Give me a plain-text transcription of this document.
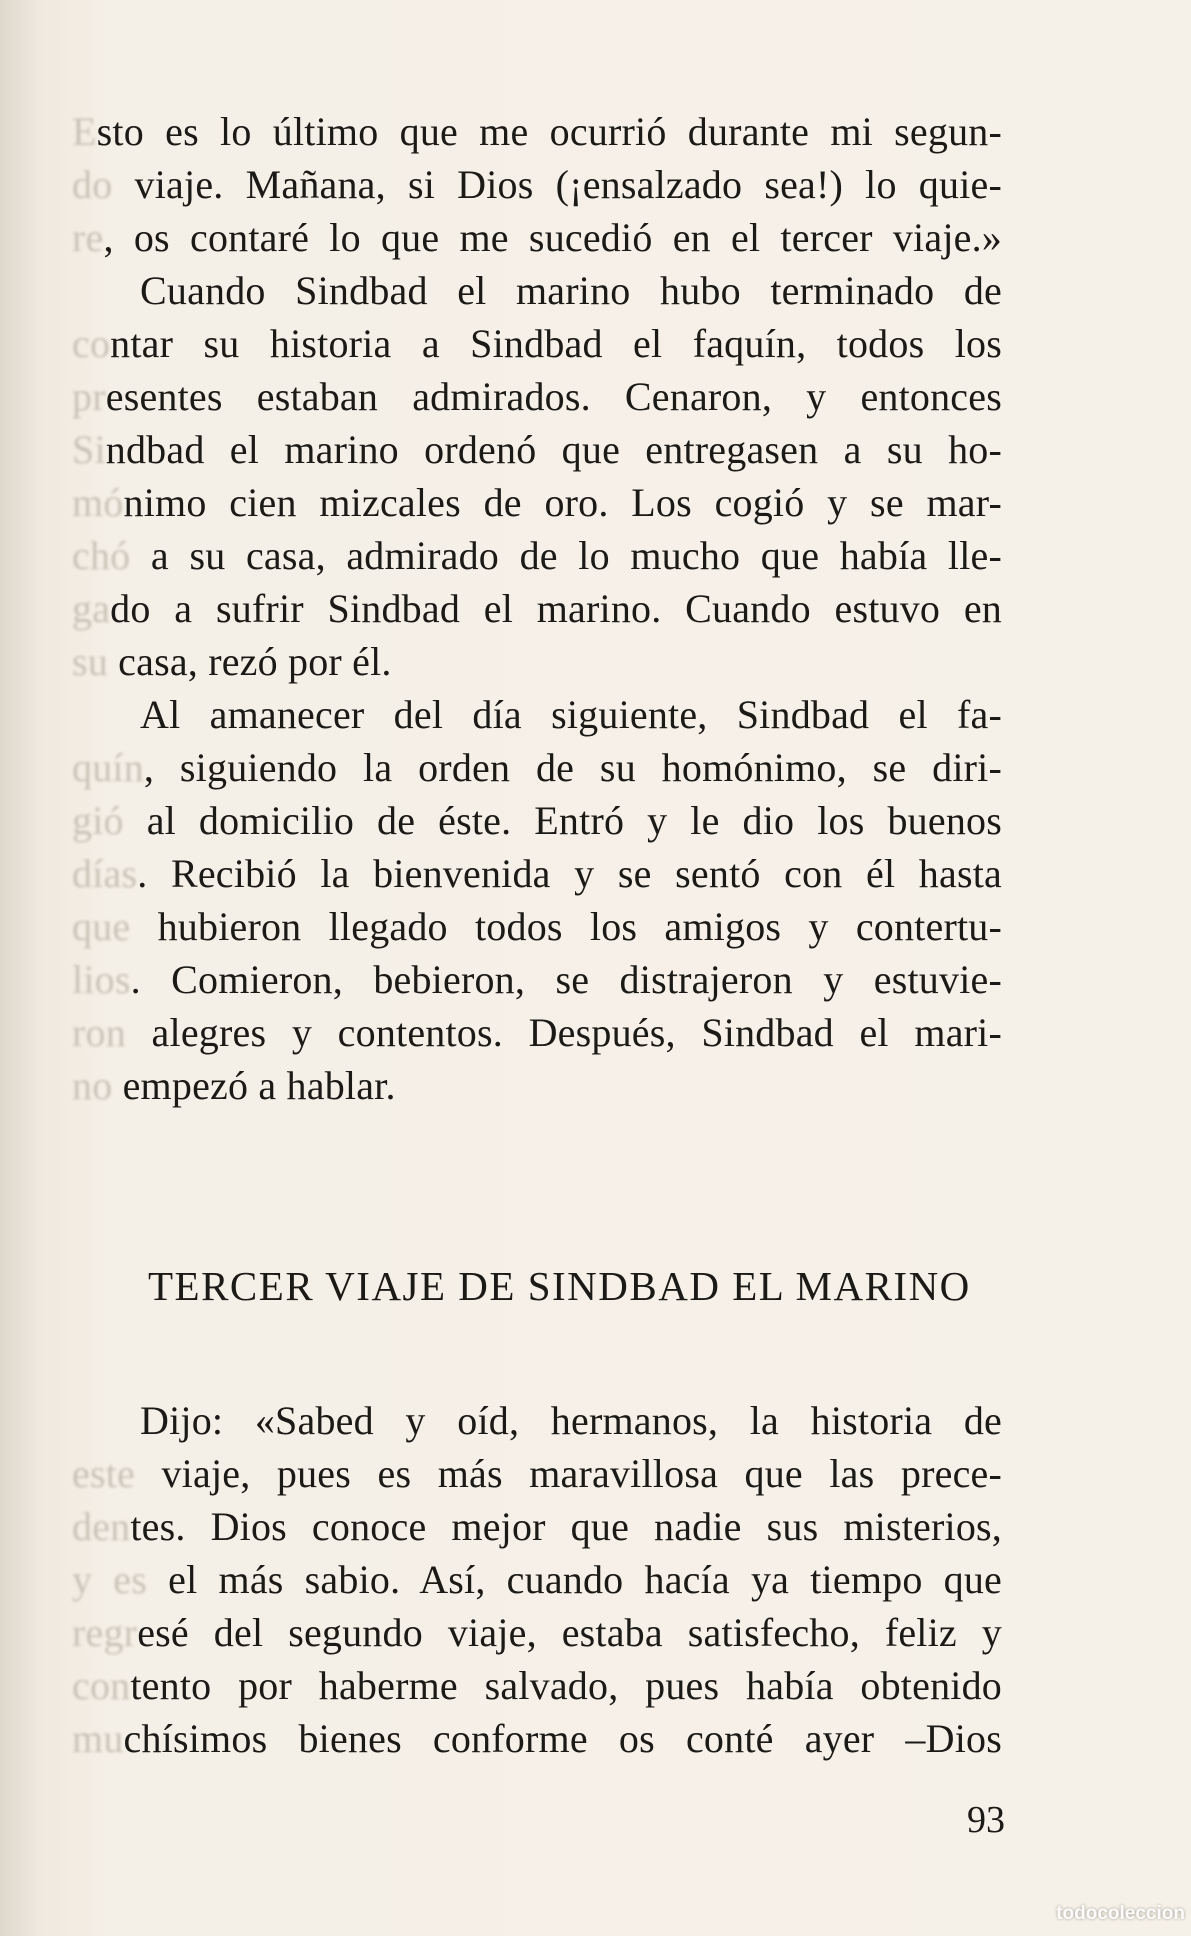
Esto es lo último que me ocurrió durante mi segun-
do viaje. Mañana, si Dios (¡ensalzado sea!) lo quie-
re, os contaré lo que me sucedió en el tercer viaje.»
Cuando Sindbad el marino hubo terminado de
contar su historia a Sindbad el faquín, todos los
presentes estaban admirados. Cenaron, y entonces
Sindbad el marino ordenó que entregasen a su ho-
mónimo cien mizcales de oro. Los cogió y se mar-
chó a su casa, admirado de lo mucho que había lle-
gado a sufrir Sindbad el marino. Cuando estuvo en
su casa, rezó por él.
Al amanecer del día siguiente, Sindbad el fa-
quín, siguiendo la orden de su homónimo, se diri-
gió al domicilio de éste. Entró y le dio los buenos
días. Recibió la bienvenida y se sentó con él hasta
que hubieron llegado todos los amigos y contertu-
lios. Comieron, bebieron, se distrajeron y estuvie-
ron alegres y contentos. Después, Sindbad el mari-
no empezó a hablar.
TERCER VIAJE DE SINDBAD EL MARINO
Dijo: «Sabed y oíd, hermanos, la historia de
este viaje, pues es más maravillosa que las prece-
dentes. Dios conoce mejor que nadie sus misterios,
y es el más sabio. Así, cuando hacía ya tiempo que
regresé del segundo viaje, estaba satisfecho, feliz y
contento por haberme salvado, pues había obtenido
muchísimos bienes conforme os conté ayer –Dios
93
todocoleccion
